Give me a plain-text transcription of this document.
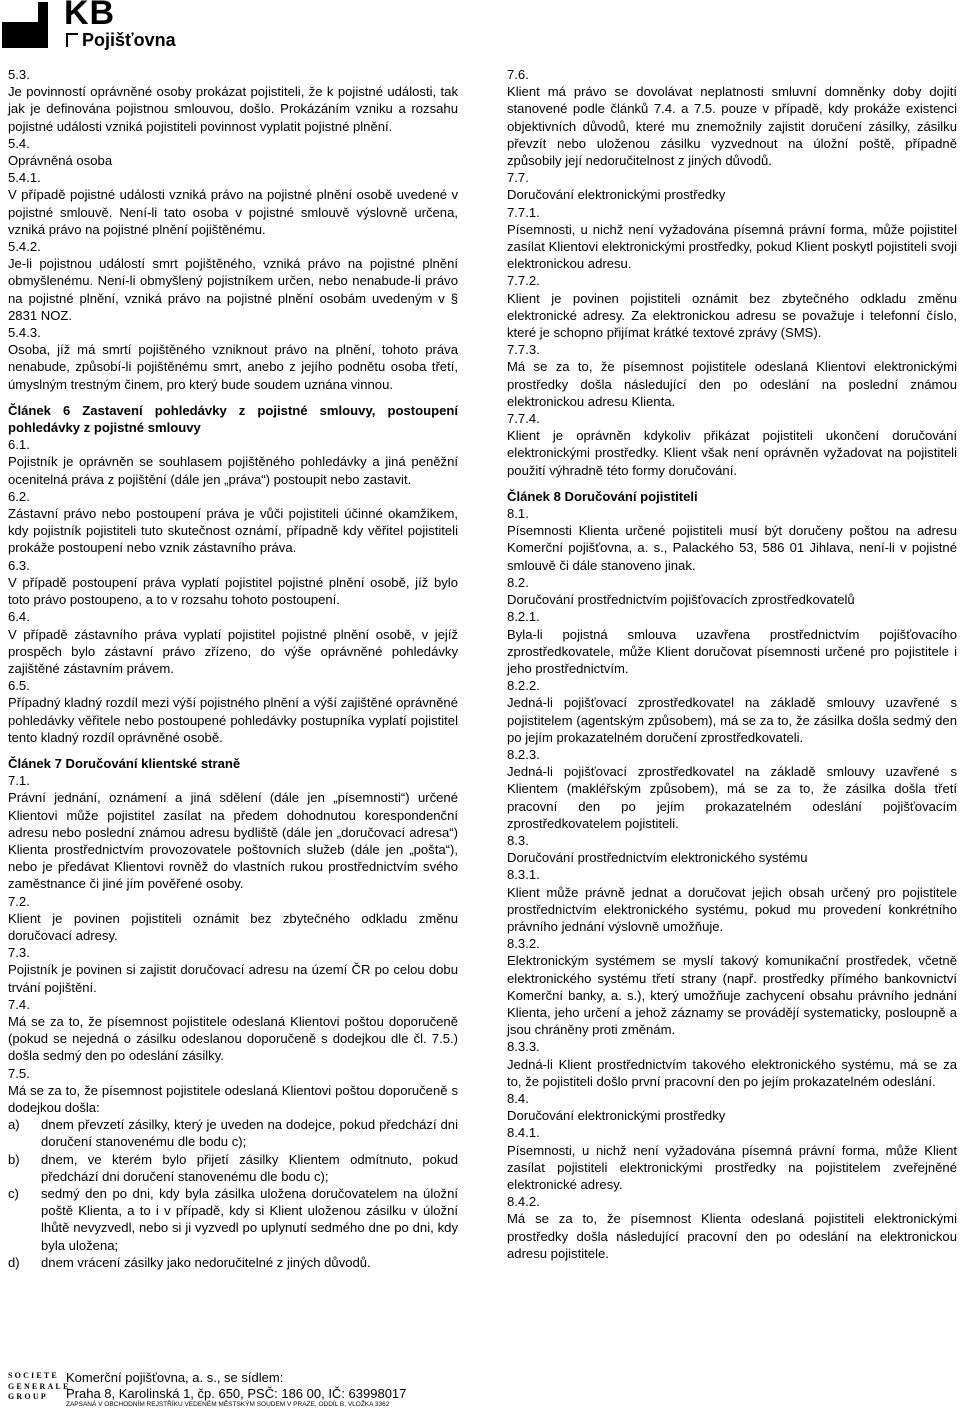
KB
Pojišťovna

5.3.

Je povinností oprávněné osoby prokázat pojistiteli, že k pojistné události, tak jak je definována pojistnou smlouvou, došlo. Prokázáním vzniku a rozsahu pojistné události vzniká pojistiteli povinnost vyplatit pojistné plnění.

5.4.

Oprávněná osoba

5.4.1.

V případě pojistné události vzniká právo na pojistné plnění osobě uvedené v pojistné smlouvě. Není-li tato osoba v pojistné smlouvě výslovně určena, vzniká právo na pojistné plnění pojištěnému.

5.4.2.

Je-li pojistnou událostí smrt pojištěného, vzniká právo na pojistné plnění obmyšlenému. Není-li obmyšlený pojistníkem určen, nebo nenabude-li právo na pojistné plnění, vzniká právo na pojistné plnění osobám uvedeným v § 2831 NOZ.

5.4.3.

Osoba, jíž má smrtí pojištěného vzniknout právo na plnění, tohoto práva nenabude, způsobí-li pojištěnému smrt, anebo z jejího podnětu osoba třetí, úmyslným trestným činem, pro který bude soudem uznána vinnou.

Článek 6 Zastavení pohledávky z pojistné smlouvy, postoupení pohledávky z pojistné smlouvy

6.1.

Pojistník je oprávněn se souhlasem pojištěného pohledávky a jiná peněžní ocenitelná práva z pojištění (dále jen „práva“) postoupit nebo zastavit.

6.2.

Zástavní právo nebo postoupení práva je vůči pojistiteli účinné okamžikem, kdy pojistník pojistiteli tuto skutečnost oznámí, případně kdy věřitel pojistiteli prokáže postoupení nebo vznik zástavního práva.

6.3.

V případě postoupení práva vyplatí pojistitel pojistné plnění osobě, jíž bylo toto právo postoupeno, a to v rozsahu tohoto postoupení.

6.4.

V případě zástavního práva vyplatí pojistitel pojistné plnění osobě, v jejíž prospěch bylo zástavní právo zřízeno, do výše oprávněné pohledávky zajištěné zástavním právem.

6.5.

Případný kladný rozdíl mezi výší pojistného plnění a výší zajištěné oprávněné pohledávky věřitele nebo postoupené pohledávky postupníka vyplatí pojistitel tento kladný rozdíl oprávněné osobě.

Článek 7 Doručování klientské straně

7.1.

Právní jednání, oznámení a jiná sdělení (dále jen „písemnosti“) určené Klientovi může pojistitel zasílat na předem dohodnutou korespondenční adresu nebo poslední známou adresu bydliště (dále jen „doručovací adresa“) Klienta prostřednictvím provozovatele poštovních služeb (dále jen „pošta“), nebo je předávat Klientovi rovněž do vlastních rukou prostřednictvím svého zaměstnance či jiné jím pověřené osoby.

7.2.

Klient je povinen pojistiteli oznámit bez zbytečného odkladu změnu doručovací adresy.

7.3.

Pojistník je povinen si zajistit doručovací adresu na území ČR po celou dobu trvání pojištění.

7.4.

Má se za to, že písemnost pojistitele odeslaná Klientovi poštou doporučeně (pokud se nejedná o zásilku odeslanou doporučeně s dodejkou dle čl. 7.5.) došla sedmý den po odeslání zásilky.

7.5.

Má se za to, že písemnost pojistitele odeslaná Klientovi poštou doporučeně s dodejkou došla:

a)	dnem převzetí zásilky, který je uveden na dodejce, pokud předchází dni doručení stanovenému dle bodu c);
b)	dnem, ve kterém bylo přijetí zásilky Klientem odmítnuto, pokud předchází dni doručení stanovenému dle bodu c);
c)	sedmý den po dni, kdy byla zásilka uložena doručovatelem na úložní poště Klienta, a to i v případě, kdy si Klient uloženou zásilku v úložní lhůtě nevyzvedl, nebo si ji vyzvedl po uplynutí sedmého dne po dni, kdy byla uložena;
d)	dnem vrácení zásilky jako nedoručitelné z jiných důvodů.

7.6.

Klient má právo se dovolávat neplatnosti smluvní domněnky doby dojití stanovené podle článků 7.4. a 7.5. pouze v případě, kdy prokáže existenci objektivních důvodů, které mu znemožnily zajistit doručení zásilky, zásilku převzít nebo uloženou zásilku vyzvednout na úložní poště, případně způsobily její nedoručitelnost z jiných důvodů.

7.7.

Doručování elektronickými prostředky

7.7.1.

Písemnosti, u nichž není vyžadována písemná právní forma, může pojistitel zasílat Klientovi elektronickými prostředky, pokud Klient poskytl pojistiteli svoji elektronickou adresu.

7.7.2.

Klient je povinen pojistiteli oznámit bez zbytečného odkladu změnu elektronické adresy. Za elektronickou adresu se považuje i telefonní číslo, které je schopno přijímat krátké textové zprávy (SMS).

7.7.3.

Má se za to, že písemnost pojistitele odeslaná Klientovi elektronickými prostředky došla následující den po odeslání na poslední známou elektronickou adresu Klienta.

7.7.4.

Klient je oprávněn kdykoliv přikázat pojistiteli ukončení doručování elektronickými prostředky. Klient však není oprávněn vyžadovat na pojistiteli použití výhradně této formy doručování.

Článek 8 Doručování pojistiteli

8.1.

Písemnosti Klienta určené pojistiteli musí být doručeny poštou na adresu Komerční pojišťovna, a. s., Palackého 53, 586 01 Jihlava, není-li v pojistné smlouvě či dále stanoveno jinak.

8.2.

Doručování prostřednictvím pojišťovacích zprostředkovatelů

8.2.1.

Byla-li pojistná smlouva uzavřena prostřednictvím pojišťovacího zprostředkovatele, může Klient doručovat písemnosti určené pro pojistitele i jeho prostřednictvím.

8.2.2.

Jedná-li pojišťovací zprostředkovatel na základě smlouvy uzavřené s pojistitelem (agentským způsobem), má se za to, že zásilka došla sedmý den po jejím prokazatelném doručení zprostředkovateli.

8.2.3.

Jedná-li pojišťovací zprostředkovatel na základě smlouvy uzavřené s Klientem (makléřským způsobem), má se za to, že zásilka došla třetí pracovní den po jejím prokazatelném odeslání pojišťovacím zprostředkovatelem pojistiteli.

8.3.

Doručování prostřednictvím elektronického systému

8.3.1.

Klient může právně jednat a doručovat jejich obsah určený pro pojistitele prostřednictvím elektronického systému, pokud mu provedení konkrétního právního jednání výslovně umožňuje.

8.3.2.

Elektronickým systémem se myslí takový komunikační prostředek, včetně elektronického systému třetí strany (např. prostředky přímého bankovnictví Komerční banky, a. s.), který umožňuje zachycení obsahu právního jednání Klienta, jeho určení a jehož záznamy se provádějí systematicky, posloupně a jsou chráněny proti změnám.

8.3.3.

Jedná-li Klient prostřednictvím takového elektronického systému, má se za to, že pojistiteli došlo první pracovní den po jejím prokazatelném odeslání.

8.4.

Doručování elektronickými prostředky

8.4.1.

Písemnosti, u nichž není vyžadována písemná právní forma, může Klient zasílat pojistiteli elektronickými prostředky na pojistitelem zveřejněné elektronické adresy.

8.4.2.

Má se za to, že písemnost Klienta odeslaná pojistiteli elektronickými prostředky došla následující pracovní den po odeslání na elektronickou adresu pojistitele.

SOCIETE
GENERALE
GROUP
Komerční pojišťovna, a. s., se sídlem:
Praha 8, Karolinská 1, čp. 650, PSČ: 186 00, IČ: 63998017
ZAPSANÁ V OBCHODNÍM REJSTŘÍKU VEDENÉM MĚSTSKÝM SOUDEM V PRAZE, ODDÍL B, VLOŽKA 3362
